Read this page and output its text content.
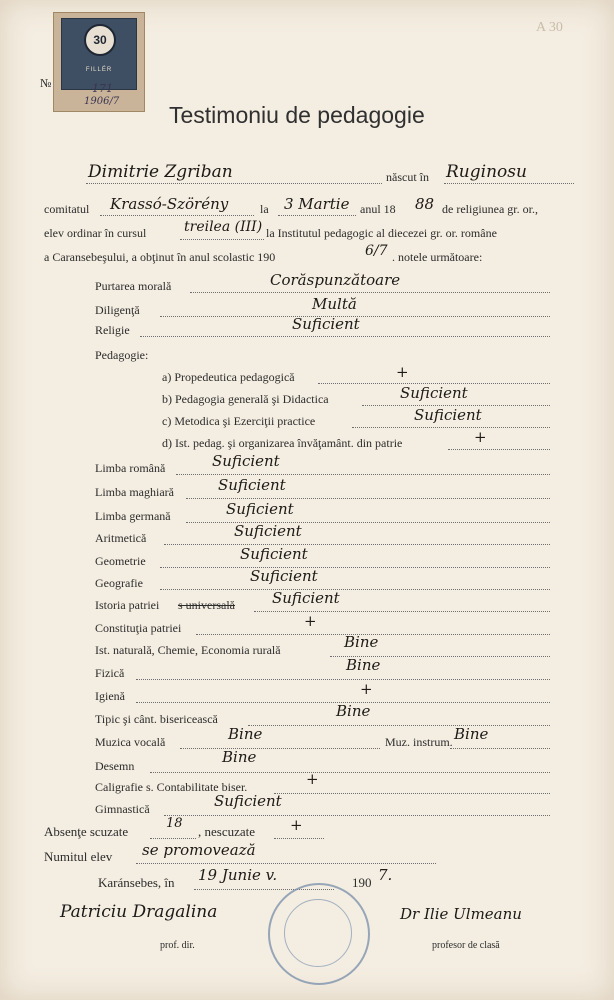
30
FILLÉR
№	171
1906/7
A 30
Testimoniu de pedagogie
Dimitrie Zgriban	născut în Ruginosu
comitatul Krassó-Szörény	la 3 Martie anul 18 88 de religiunea gr. or.,
elev ordinar în cursul	treilea (III) la Institutul pedagogic al diecezei gr. or. române
a Caransebeşului, a obţinut în anul scolastic 190	6/7 . notele următoare:
Purtarea morală	Corăspunzătoare
Diligenţă	Multă
Religie	Suficient
Pedagogie:
a) Propedeutica pedagogică	+
b) Pedagogia generală şi Didactica	Suficient
c) Metodica şi Ezerciţii practice	Suficient
d) Ist. pedag. şi organizarea învăţamânt. din patrie	+
Limba română	Suficient
Limba maghiară	Suficient
Limba germană	Suficient
Aritmetică	Suficient
Geometrie	Suficient
Geografie	Suficient
Istoria patriei s universală Suficient
Constituţia patriei	+
Ist. naturală, Chemie, Economia rurală	Bine
Fizică	Bine
Igienă	+
Tipic şi cânt. bisericească	Bine
Muzica vocală	Bine	Muz. instrum. Bine
Desemn	Bine
Caligrafie s. Contabilitate biser.	+
Gimnastică	Suficient
Absenţe scuzate
18
, nescuzate +
Numitul elev se promovează
Karánsebes, în 19 Junie v.	190 7.
Patriciu Dragalina
prof. dir.
Dr Ilie Ulmeanu
profesor de clasă
